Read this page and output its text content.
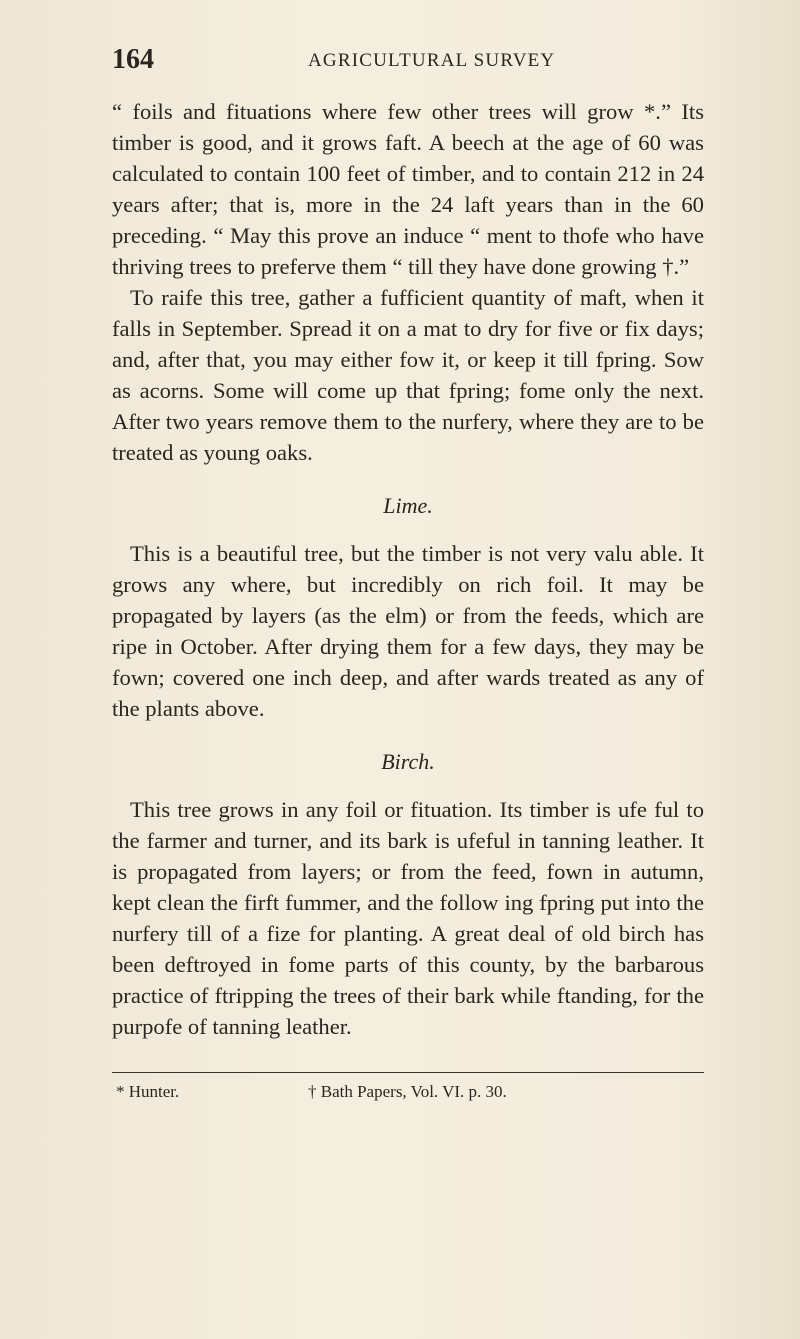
164	AGRICULTURAL SURVEY

“ foils and fituations where few other trees will grow *.” Its timber is good, and it grows faft. A beech at the age of 60 was calculated to contain 100 feet of timber, and to contain 212 in 24 years after; that is, more in the 24 laft years than in the 60 preceding. “ May this prove an induce “ ment to thofe who have thriving trees to preferve them “ till they have done growing †.”

To raife this tree, gather a fufficient quantity of maft, when it falls in September. Spread it on a mat to dry for five or fix days; and, after that, you may either fow it, or keep it till fpring. Sow as acorns. Some will come up that fpring; fome only the next. After two years remove them to the nurfery, where they are to be treated as young oaks.

Lime.

This is a beautiful tree, but the timber is not very valu able. It grows any where, but incredibly on rich foil. It may be propagated by layers (as the elm) or from the feeds, which are ripe in October. After drying them for a few days, they may be fown; covered one inch deep, and after wards treated as any of the plants above.

Birch.

This tree grows in any foil or fituation. Its timber is ufe ful to the farmer and turner, and its bark is ufeful in tanning leather. It is propagated from layers; or from the feed, fown in autumn, kept clean the firft fummer, and the follow ing fpring put into the nurfery till of a fize for planting. A great deal of old birch has been deftroyed in fome parts of this county, by the barbarous practice of ftripping the trees of their bark while ftanding, for the purpofe of tanning leather.

* Hunter.	† Bath Papers, Vol. VI. p. 30.
